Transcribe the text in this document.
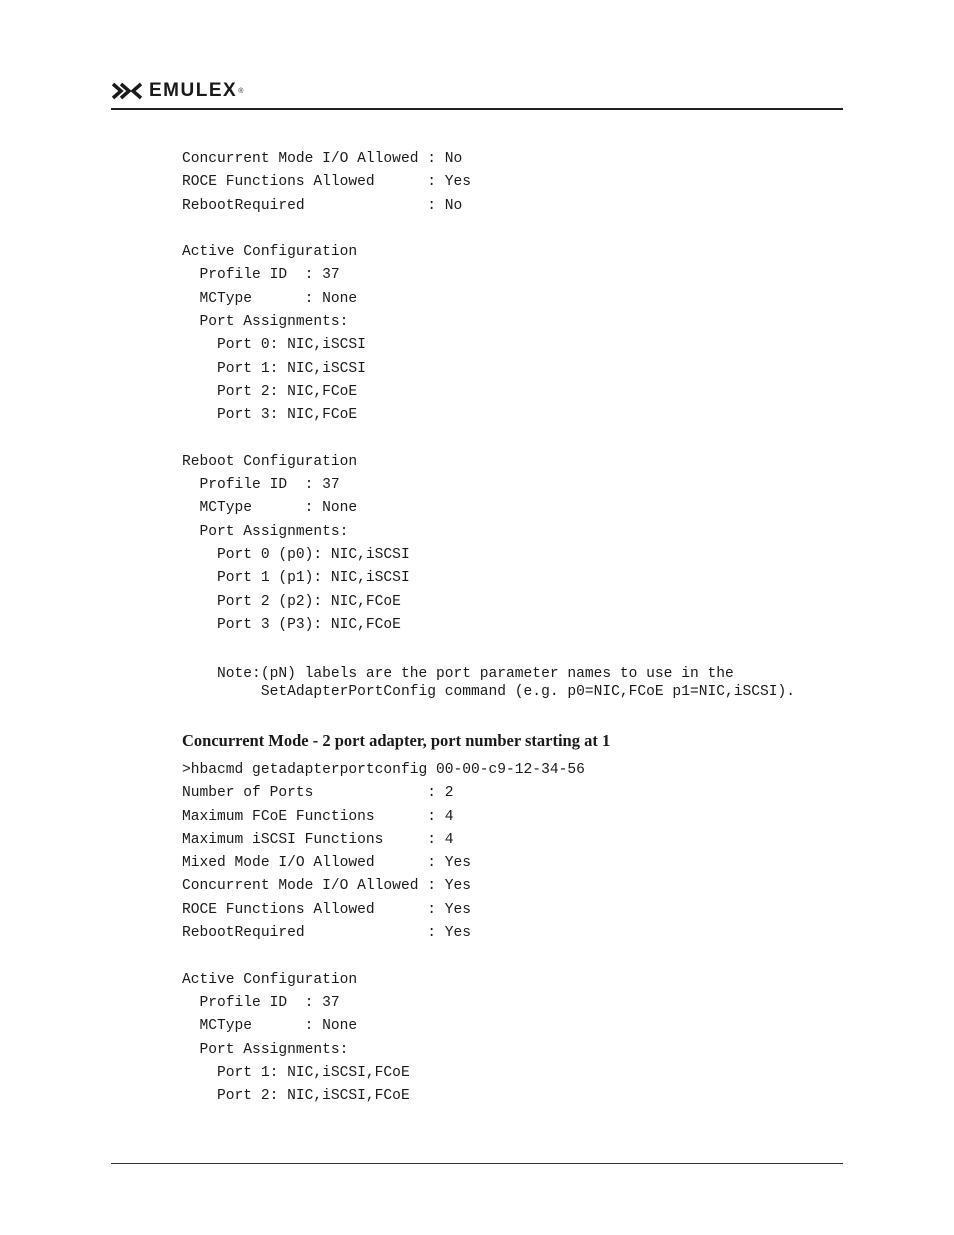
EMULEX ®
Concurrent Mode I/O Allowed : No
ROCE Functions Allowed      : Yes
RebootRequired              : No

Active Configuration
Profile ID  : 37
MCType      : None
Port Assignments:
Port 0: NIC,iSCSI
Port 1: NIC,iSCSI
Port 2: NIC,FCoE
Port 3: NIC,FCoE

Reboot Configuration
Profile ID  : 37
MCType      : None
Port Assignments:
Port 0 (p0): NIC,iSCSI
Port 1 (p1): NIC,iSCSI
Port 2 (p2): NIC,FCoE
Port 3 (P3): NIC,FCoE
Note:(pN) labels are the port parameter names to use in the
SetAdapterPortConfig command (e.g. p0=NIC,FCoE p1=NIC,iSCSI).
Concurrent Mode - 2 port adapter, port number starting at 1
>hbacmd getadapterportconfig 00-00-c9-12-34-56
Number of Ports             : 2
Maximum FCoE Functions      : 4
Maximum iSCSI Functions     : 4
Mixed Mode I/O Allowed      : Yes
Concurrent Mode I/O Allowed : Yes
ROCE Functions Allowed      : Yes
RebootRequired              : Yes

Active Configuration
Profile ID  : 37
MCType      : None
Port Assignments:
Port 1: NIC,iSCSI,FCoE
Port 2: NIC,iSCSI,FCoE
